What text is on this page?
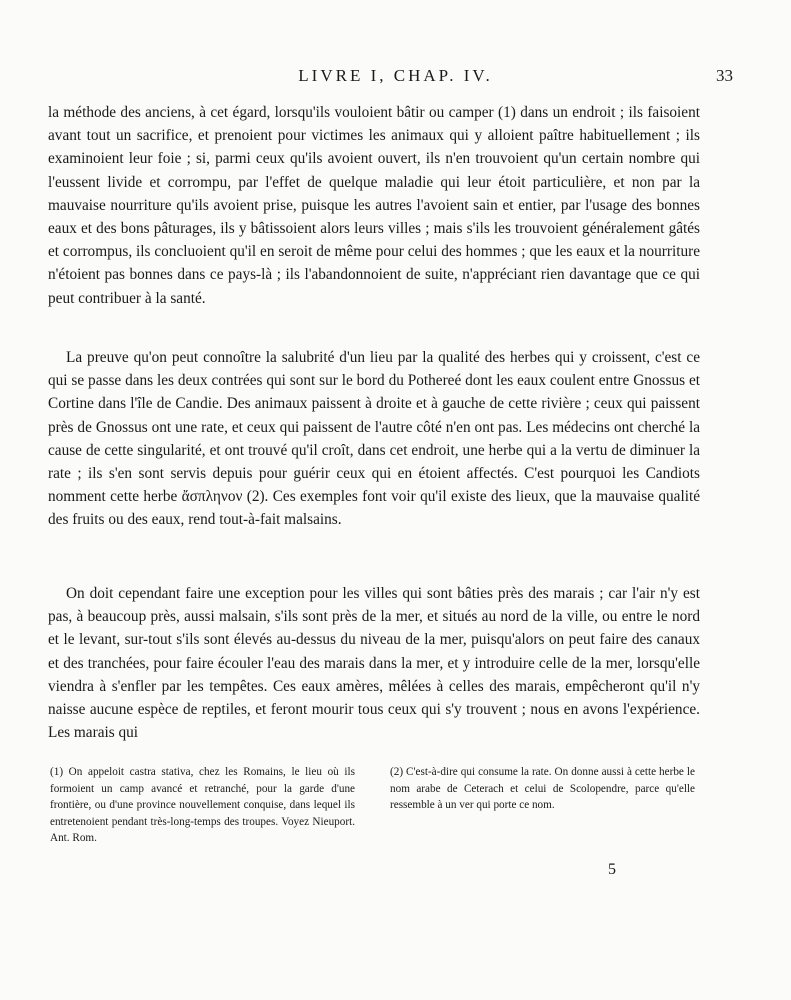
LIVRE I, CHAP. IV.	33

la méthode des anciens, à cet égard, lorsqu'ils vouloient bâtir ou camper (1) dans un endroit ; ils faisoient avant tout un sacrifice, et prenoient pour victimes les animaux qui y alloient paître habituellement ; ils examinoient leur foie ; si, parmi ceux qu'ils avoient ouvert, ils n'en trouvoient qu'un certain nombre qui l'eussent livide et corrompu, par l'effet de quelque maladie qui leur étoit particulière, et non par la mauvaise nourriture qu'ils avoient prise, puisque les autres l'avoient sain et entier, par l'usage des bonnes eaux et des bons pâturages, ils y bâtissoient alors leurs villes ; mais s'ils les trouvoient généralement gâtés et corrompus, ils concluoient qu'il en seroit de même pour celui des hommes ; que les eaux et la nourriture n'étoient pas bonnes dans ce pays-là ; ils l'abandonnoient de suite, n'appréciant rien davantage que ce qui peut contribuer à la santé.

La preuve qu'on peut connoître la salubrité d'un lieu par la qualité des herbes qui y croissent, c'est ce qui se passe dans les deux contrées qui sont sur le bord du Pothereé dont les eaux coulent entre Gnossus et Cortine dans l'île de Candie. Des animaux paissent à droite et à gauche de cette rivière ; ceux qui paissent près de Gnossus ont une rate, et ceux qui paissent de l'autre côté n'en ont pas. Les médecins ont cherché la cause de cette singularité, et ont trouvé qu'il croît, dans cet endroit, une herbe qui a la vertu de diminuer la rate ; ils s'en sont servis depuis pour guérir ceux qui en étoient affectés. C'est pourquoi les Candiots nomment cette herbe ἄσπληνον (2). Ces exemples font voir qu'il existe des lieux, que la mauvaise qualité des fruits ou des eaux, rend tout-à-fait malsains.

On doit cependant faire une exception pour les villes qui sont bâties près des marais ; car l'air n'y est pas, à beaucoup près, aussi malsain, s'ils sont près de la mer, et situés au nord de la ville, ou entre le nord et le levant, sur-tout s'ils sont élevés au-dessus du niveau de la mer, puisqu'alors on peut faire des canaux et des tranchées, pour faire écouler l'eau des marais dans la mer, et y introduire celle de la mer, lorsqu'elle viendra à s'enfler par les tempêtes. Ces eaux amères, mêlées à celles des marais, empêcheront qu'il n'y naisse aucune espèce de reptiles, et feront mourir tous ceux qui s'y trouvent ; nous en avons l'expérience. Les marais qui

(1) On appeloit castra stativa, chez les Romains, le lieu où ils formoient un camp avancé et retranché, pour la garde d'une frontière, ou d'une province nouvellement conquise, dans lequel ils entretenoient pendant très-long-temps des troupes. Voyez Nieuport. Ant. Rom.
(2) C'est-à-dire qui consume la rate. On donne aussi à cette herbe le nom arabe de Ceterach et celui de Scolopendre, parce qu'elle ressemble à un ver qui porte ce nom.
5
